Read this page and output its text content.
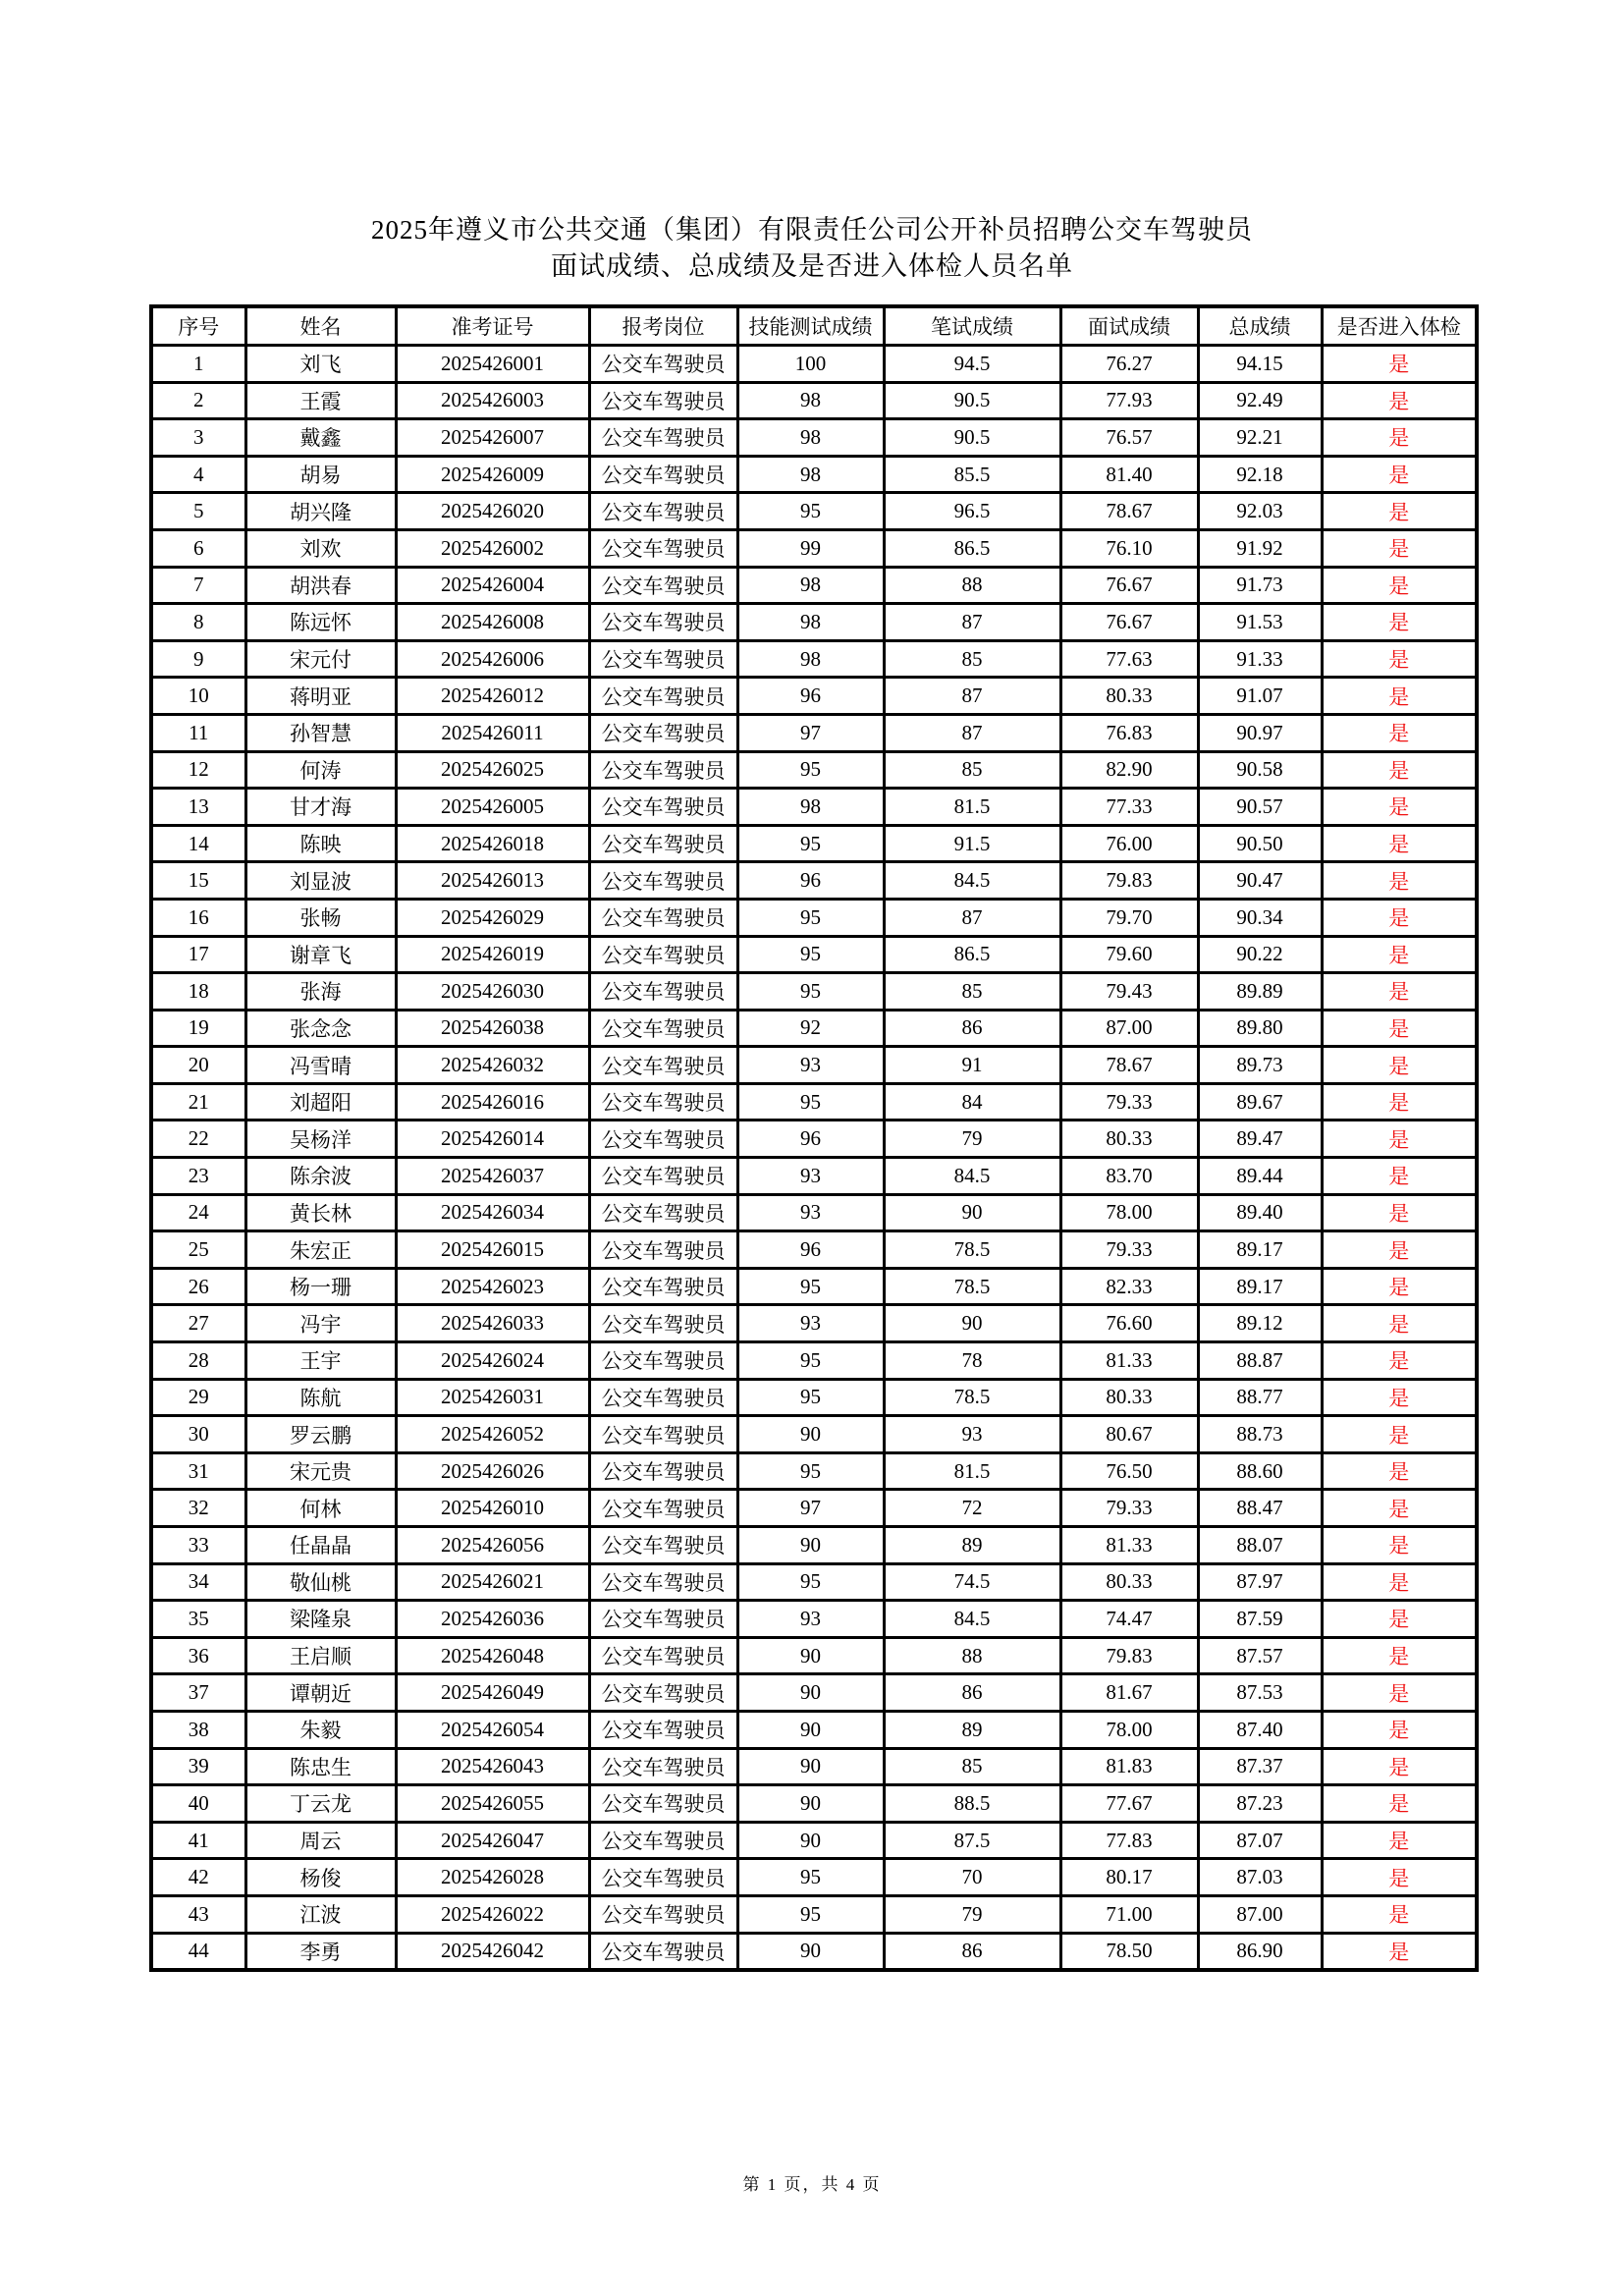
2025年遵义市公共交通（集团）有限责任公司公开补员招聘公交车驾驶员
面试成绩、总成绩及是否进入体检人员名单
序号	姓名	准考证号	报考岗位	技能测试成绩	笔试成绩	面试成绩	总成绩	是否进入体检
1	刘飞	2025426001	公交车驾驶员	100	94.5	76.27	94.15	是
2	王霞	2025426003	公交车驾驶员	98	90.5	77.93	92.49	是
3	戴鑫	2025426007	公交车驾驶员	98	90.5	76.57	92.21	是
4	胡易	2025426009	公交车驾驶员	98	85.5	81.40	92.18	是
5	胡兴隆	2025426020	公交车驾驶员	95	96.5	78.67	92.03	是
6	刘欢	2025426002	公交车驾驶员	99	86.5	76.10	91.92	是
7	胡洪春	2025426004	公交车驾驶员	98	88	76.67	91.73	是
8	陈远怀	2025426008	公交车驾驶员	98	87	76.67	91.53	是
9	宋元付	2025426006	公交车驾驶员	98	85	77.63	91.33	是
10	蒋明亚	2025426012	公交车驾驶员	96	87	80.33	91.07	是
11	孙智慧	2025426011	公交车驾驶员	97	87	76.83	90.97	是
12	何涛	2025426025	公交车驾驶员	95	85	82.90	90.58	是
13	甘才海	2025426005	公交车驾驶员	98	81.5	77.33	90.57	是
14	陈映	2025426018	公交车驾驶员	95	91.5	76.00	90.50	是
15	刘显波	2025426013	公交车驾驶员	96	84.5	79.83	90.47	是
16	张畅	2025426029	公交车驾驶员	95	87	79.70	90.34	是
17	谢章飞	2025426019	公交车驾驶员	95	86.5	79.60	90.22	是
18	张海	2025426030	公交车驾驶员	95	85	79.43	89.89	是
19	张念念	2025426038	公交车驾驶员	92	86	87.00	89.80	是
20	冯雪晴	2025426032	公交车驾驶员	93	91	78.67	89.73	是
21	刘超阳	2025426016	公交车驾驶员	95	84	79.33	89.67	是
22	吴杨洋	2025426014	公交车驾驶员	96	79	80.33	89.47	是
23	陈余波	2025426037	公交车驾驶员	93	84.5	83.70	89.44	是
24	黄长林	2025426034	公交车驾驶员	93	90	78.00	89.40	是
25	朱宏正	2025426015	公交车驾驶员	96	78.5	79.33	89.17	是
26	杨一珊	2025426023	公交车驾驶员	95	78.5	82.33	89.17	是
27	冯宇	2025426033	公交车驾驶员	93	90	76.60	89.12	是
28	王宇	2025426024	公交车驾驶员	95	78	81.33	88.87	是
29	陈航	2025426031	公交车驾驶员	95	78.5	80.33	88.77	是
30	罗云鹏	2025426052	公交车驾驶员	90	93	80.67	88.73	是
31	宋元贵	2025426026	公交车驾驶员	95	81.5	76.50	88.60	是
32	何林	2025426010	公交车驾驶员	97	72	79.33	88.47	是
33	任晶晶	2025426056	公交车驾驶员	90	89	81.33	88.07	是
34	敬仙桃	2025426021	公交车驾驶员	95	74.5	80.33	87.97	是
35	梁隆泉	2025426036	公交车驾驶员	93	84.5	74.47	87.59	是
36	王启顺	2025426048	公交车驾驶员	90	88	79.83	87.57	是
37	谭朝近	2025426049	公交车驾驶员	90	86	81.67	87.53	是
38	朱毅	2025426054	公交车驾驶员	90	89	78.00	87.40	是
39	陈忠生	2025426043	公交车驾驶员	90	85	81.83	87.37	是
40	丁云龙	2025426055	公交车驾驶员	90	88.5	77.67	87.23	是
41	周云	2025426047	公交车驾驶员	90	87.5	77.83	87.07	是
42	杨俊	2025426028	公交车驾驶员	95	70	80.17	87.03	是
43	江波	2025426022	公交车驾驶员	95	79	71.00	87.00	是
44	李勇	2025426042	公交车驾驶员	90	86	78.50	86.90	是
第 1 页，共 4 页
